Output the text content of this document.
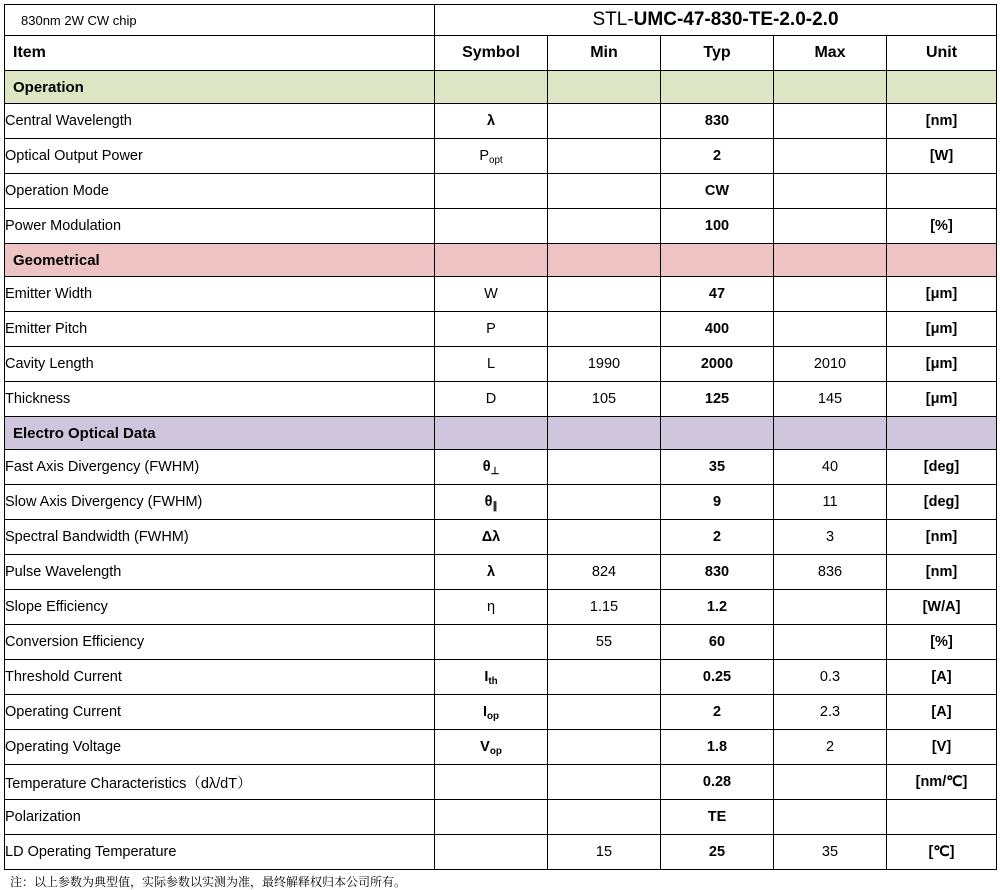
830nm 2W CW chip	STL-UMC-47-830-TE-2.0-2.0				
Item	Symbol	Min	Typ	Max	Unit
Operation					
Central Wavelength	λ		830		[nm]
Optical Output Power	$P_{opt}$		2		[W]
Operation Mode			CW		
Power Modulation			100		[%]
Geometrical					
Emitter Width	W		47		[μm]
Emitter Pitch	P		400		[μm]
Cavity Length	L	1990	2000	2010	[μm]
Thickness	D	105	125	145	[μm]
Electro Optical Data					
Fast Axis Divergency (FWHM)	$\theta_\perp$		35	40	[deg]
Slow Axis Divergency (FWHM)	$\theta_\parallel$		9	11	[deg]
Spectral Bandwidth (FWHM)	Δλ		2	3	[nm]
Pulse Wavelength	λ	824	830	836	[nm]
Slope Efficiency	η	1.15	1.2		[W/A]
Conversion Efficiency		55	60		[%]
Threshold Current	$I_{th}$		0.25	0.3	[A]
Operating Current	$I_{op}$		2	2.3	[A]
Operating Voltage	$V_{op}$		1.8	2	[V]
Temperature Characteristics（dλ/dT）			0.28		[nm/℃]
Polarization			TE		
LD Operating Temperature		15	25	35	[℃]
注：以上参数为典型值，实际参数以实测为准，最终解释权归本公司所有。
